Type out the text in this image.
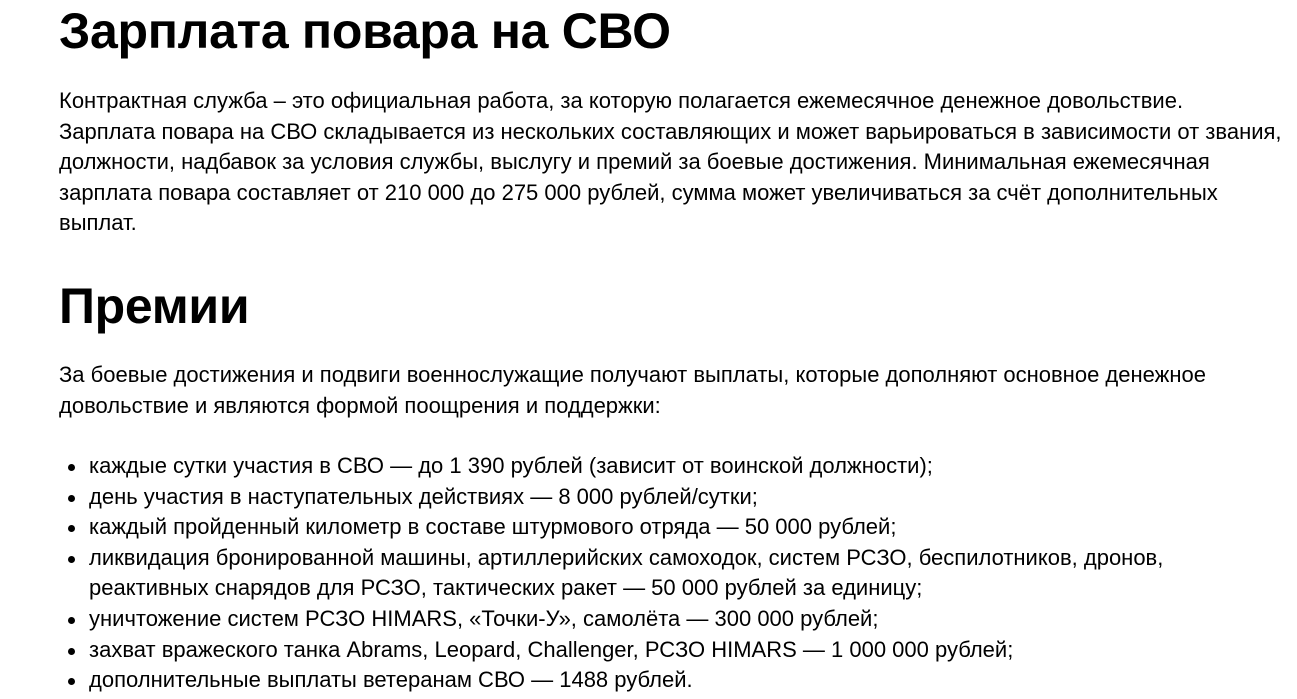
Зарплата повара на СВО

Контрактная служба – это официальная работа, за которую полагается ежемесячное денежное довольствие. Зарплата повара на СВО складывается из нескольких составляющих и может варьироваться в зависимости от звания, должности, надбавок за условия службы, выслугу и премий за боевые достижения. Минимальная ежемесячная зарплата повара составляет от 210 000 до 275 000 рублей, сумма может увеличиваться за счёт дополнительных выплат.

Премии

За боевые достижения и подвиги военнослужащие получают выплаты, которые дополняют основное денежное довольствие и являются формой поощрения и поддержки:

каждые сутки участия в СВО — до 1 390 рублей (зависит от воинской должности);
день участия в наступательных действиях — 8 000 рублей/сутки;
каждый пройденный километр в составе штурмового отряда — 50 000 рублей;
ликвидация бронированной машины, артиллерийских самоходок, систем РСЗО, беспилотников, дронов, реактивных снарядов для РСЗО, тактических ракет — 50 000 рублей за единицу;
уничтожение систем РСЗО HIMARS, «Точки-У», самолёта — 300 000 рублей;
захват вражеского танка Abrams, Leopard, Challenger, РСЗО HIMARS — 1 000 000 рублей;
дополнительные выплаты ветеранам СВО — 1488 рублей.
